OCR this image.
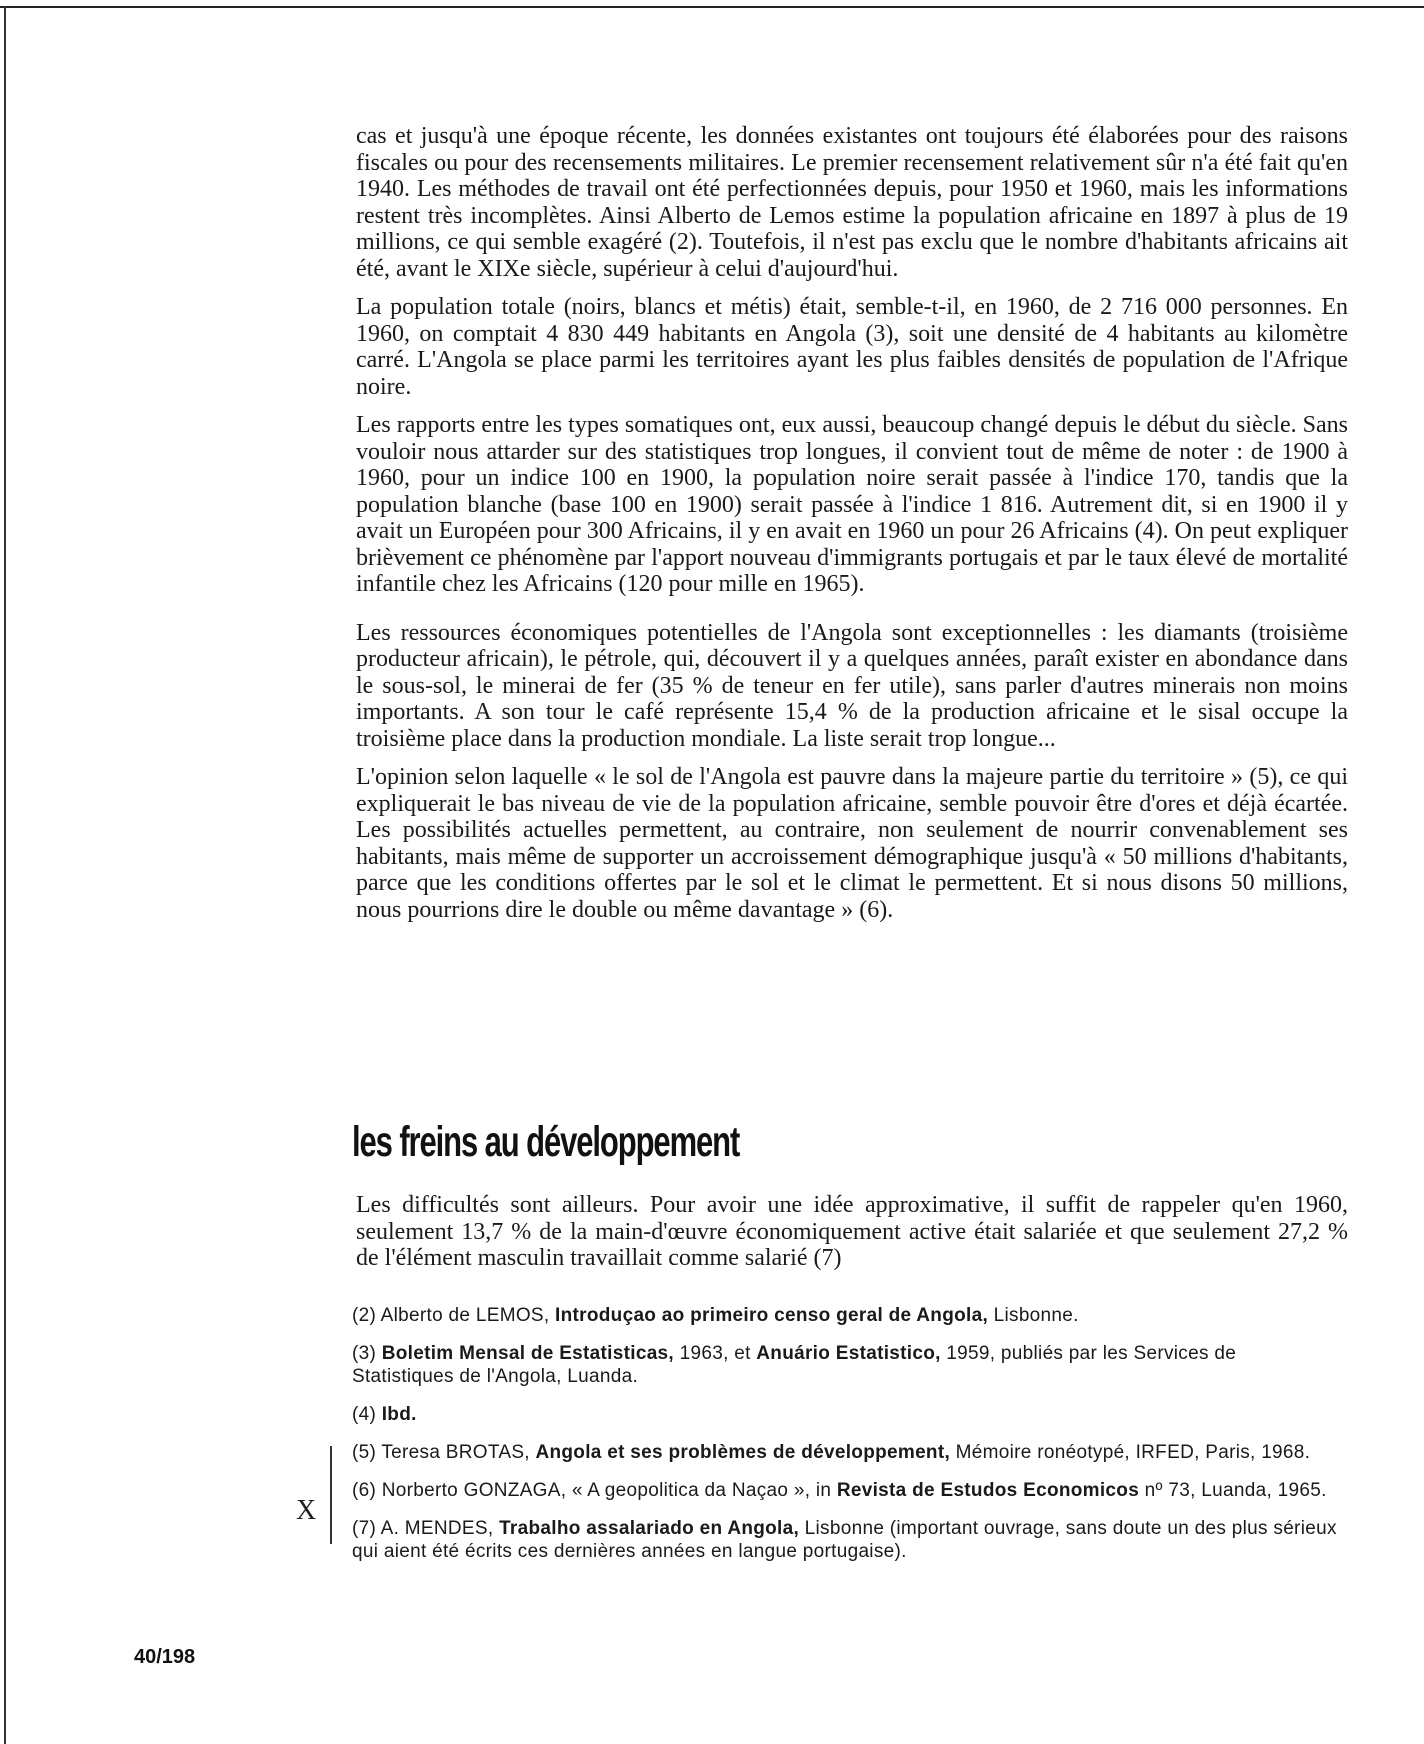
cas et jusqu'à une époque récente, les données existantes ont toujours été élaborées pour des raisons fiscales ou pour des recensements militaires. Le premier recensement relativement sûr n'a été fait qu'en 1940. Les méthodes de travail ont été perfectionnées depuis, pour 1950 et 1960, mais les informations restent très incomplètes. Ainsi Alberto de Lemos estime la population africaine en 1897 à plus de 19 millions, ce qui semble exagéré (2). Toutefois, il n'est pas exclu que le nombre d'habitants africains ait été, avant le XIXe siècle, supérieur à celui d'aujourd'hui.

La population totale (noirs, blancs et métis) était, semble-t-il, en 1960, de 2 716 000 personnes. En 1960, on comptait 4 830 449 habitants en Angola (3), soit une densité de 4 habitants au kilomètre carré. L'Angola se place parmi les territoires ayant les plus faibles densités de population de l'Afrique noire.

Les rapports entre les types somatiques ont, eux aussi, beaucoup changé depuis le début du siècle. Sans vouloir nous attarder sur des statistiques trop longues, il convient tout de même de noter : de 1900 à 1960, pour un indice 100 en 1900, la population noire serait passée à l'indice 170, tandis que la population blanche (base 100 en 1900) serait passée à l'indice 1 816. Autrement dit, si en 1900 il y avait un Européen pour 300 Africains, il y en avait en 1960 un pour 26 Africains (4). On peut expliquer brièvement ce phénomène par l'apport nouveau d'immigrants portugais et par le taux élevé de mortalité infantile chez les Africains (120 pour mille en 1965).

Les ressources économiques potentielles de l'Angola sont exceptionnelles : les diamants (troisième producteur africain), le pétrole, qui, découvert il y a quelques années, paraît exister en abondance dans le sous-sol, le minerai de fer (35 % de teneur en fer utile), sans parler d'autres minerais non moins importants. A son tour le café représente 15,4 % de la production africaine et le sisal occupe la troisième place dans la production mondiale. La liste serait trop longue...

L'opinion selon laquelle « le sol de l'Angola est pauvre dans la majeure partie du territoire » (5), ce qui expliquerait le bas niveau de vie de la population africaine, semble pouvoir être d'ores et déjà écartée. Les possibilités actuelles permettent, au contraire, non seulement de nourrir convenablement ses habitants, mais même de supporter un accroissement démographique jusqu'à « 50 millions d'habitants, parce que les conditions offertes par le sol et le climat le permettent. Et si nous disons 50 millions, nous pourrions dire le double ou même davantage » (6).

les freins au développement

Les difficultés sont ailleurs. Pour avoir une idée approximative, il suffit de rappeler qu'en 1960, seulement 13,7 % de la main-d'œuvre économiquement active était salariée et que seulement 27,2 % de l'élément masculin travaillait comme salarié (7)

(2) Alberto de LEMOS, Introduçao ao primeiro censo geral de Angola, Lisbonne.
(3) Boletim Mensal de Estatisticas, 1963, et Anuário Estatistico, 1959, publiés par les Services de Statistiques de l'Angola, Luanda.
(4) Ibd.
(5) Teresa BROTAS, Angola et ses problèmes de développement, Mémoire ronéotypé, IRFED, Paris, 1968.
(6) Norberto GONZAGA, « A geopolitica da Naçao », in Revista de Estudos Economicos nº 73, Luanda, 1965.
(7) A. MENDES, Trabalho assalariado en Angola, Lisbonne (important ouvrage, sans doute un des plus sérieux qui aient été écrits ces dernières années en langue portugaise).
X
40/198
